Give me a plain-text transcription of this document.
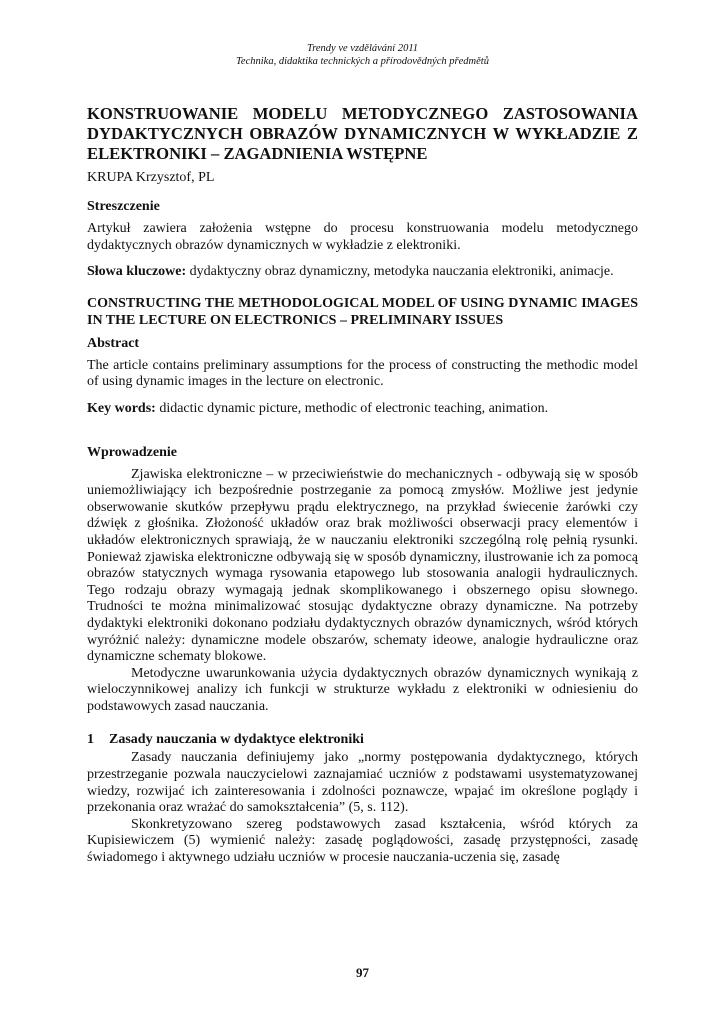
Trendy ve vzdělávání 2011
Technika, didaktika technických a přírodovědných předmětů
KONSTRUOWANIE MODELU METODYCZNEGO ZASTOSOWANIA DYDAKTYCZNYCH OBRAZÓW DYNAMICZNYCH W WYKŁADZIE Z ELEKTRONIKI – ZAGADNIENIA WSTĘPNE
KRUPA Krzysztof, PL
Streszczenie

Artykuł zawiera założenia wstępne do procesu konstruowania modelu metodycznego dydaktycznych obrazów dynamicznych w wykładzie z elektroniki.

Słowa kluczowe: dydaktyczny obraz dynamiczny, metodyka nauczania elektroniki, animacje.

CONSTRUCTING THE METHODOLOGICAL MODEL OF USING DYNAMIC IMAGES IN THE LECTURE ON ELECTRONICS – PRELIMINARY ISSUES
Abstract

The article contains preliminary assumptions for the process of constructing the methodic model of using dynamic images in the lecture on electronic.

Key words: didactic dynamic picture, methodic of electronic teaching, animation.

Wprowadzenie

Zjawiska elektroniczne – w przeciwieństwie do mechanicznych - odbywają się w sposób uniemożliwiający ich bezpośrednie postrzeganie za pomocą zmysłów. Możliwe jest jedynie obserwowanie skutków przepływu prądu elektrycznego, na przykład świecenie żarówki czy dźwięk z głośnika. Złożoność układów oraz brak możliwości obserwacji pracy elementów i układów elektronicznych sprawiają, że w nauczaniu elektroniki szczególną rolę pełnią rysunki. Ponieważ zjawiska elektroniczne odbywają się w sposób dynamiczny, ilustrowanie ich za pomocą obrazów statycznych wymaga rysowania etapowego lub stosowania analogii hydraulicznych. Tego rodzaju obrazy wymagają jednak skomplikowanego i obszernego opisu słownego. Trudności te można minimalizować stosując dydaktyczne obrazy dynamiczne. Na potrzeby dydaktyki elektroniki dokonano podziału dydaktycznych obrazów dynamicznych, wśród których wyróżnić należy: dynamiczne modele obszarów, schematy ideowe, analogie hydrauliczne oraz dynamiczne schematy blokowe.

Metodyczne uwarunkowania użycia dydaktycznych obrazów dynamicznych wynikają z wieloczynnikowej analizy ich funkcji w strukturze wykładu z elektroniki w odniesieniu do podstawowych zasad nauczania.

1 Zasady nauczania w dydaktyce elektroniki

Zasady nauczania definiujemy jako „normy postępowania dydaktycznego, których przestrzeganie pozwala nauczycielowi zaznajamiać uczniów z podstawami usystematyzowanej wiedzy, rozwijać ich zainteresowania i zdolności poznawcze, wpajać im określone poglądy i przekonania oraz wrażać do samokształcenia” (5, s. 112).

Skonkretyzowano szereg podstawowych zasad kształcenia, wśród których za Kupisiewiczem (5) wymienić należy: zasadę poglądowości, zasadę przystępności, zasadę świadomego i aktywnego udziału uczniów w procesie nauczania-uczenia się, zasadę

97
